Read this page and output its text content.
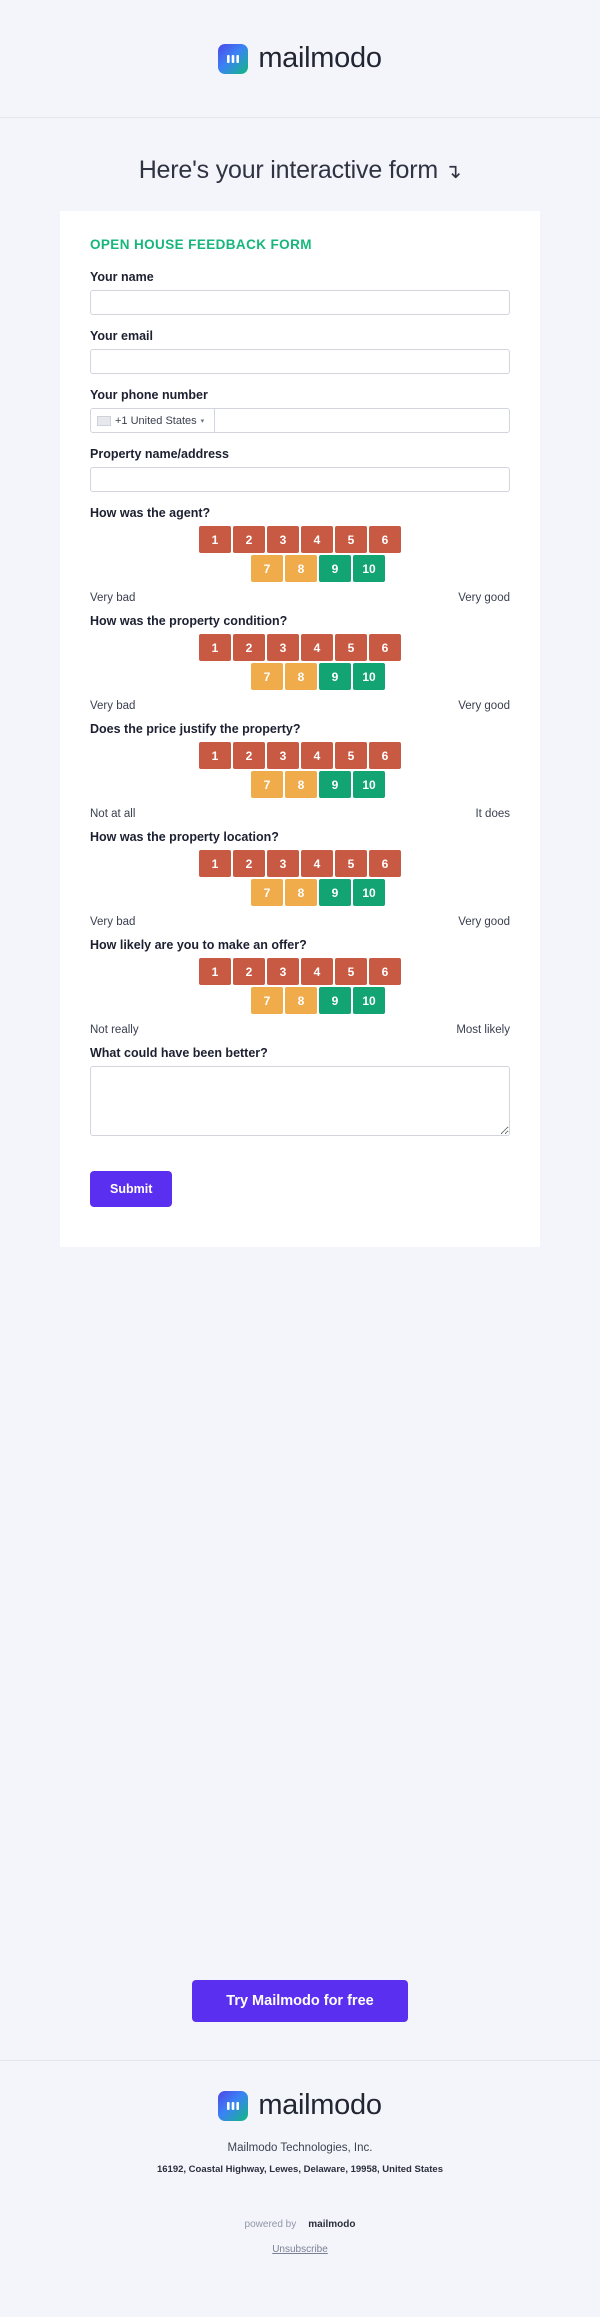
mailmodo
Here's your interactive form ↴
OPEN HOUSE FEEDBACK FORM
Your name
Your email
Your phone number
+1 United States ▾
Property name/address
How was the agent?
1	2	3	4	5	6
7	8	9	10
Very bad	Very good
How was the property condition?
1	2	3	4	5	6
7	8	9	10
Very bad	Very good
Does the price justify the property?
1	2	3	4	5	6
7	8	9	10
Not at all	It does
How was the property location?
1	2	3	4	5	6
7	8	9	10
Very bad	Very good
How likely are you to make an offer?
1	2	3	4	5	6
7	8	9	10
Not really	Most likely
What could have been better?
Submit
Try Mailmodo for free
mailmodo
Mailmodo Technologies, Inc.
16192, Coastal Highway, Lewes, Delaware, 19958, United States
powered by mailmodo
Unsubscribe
